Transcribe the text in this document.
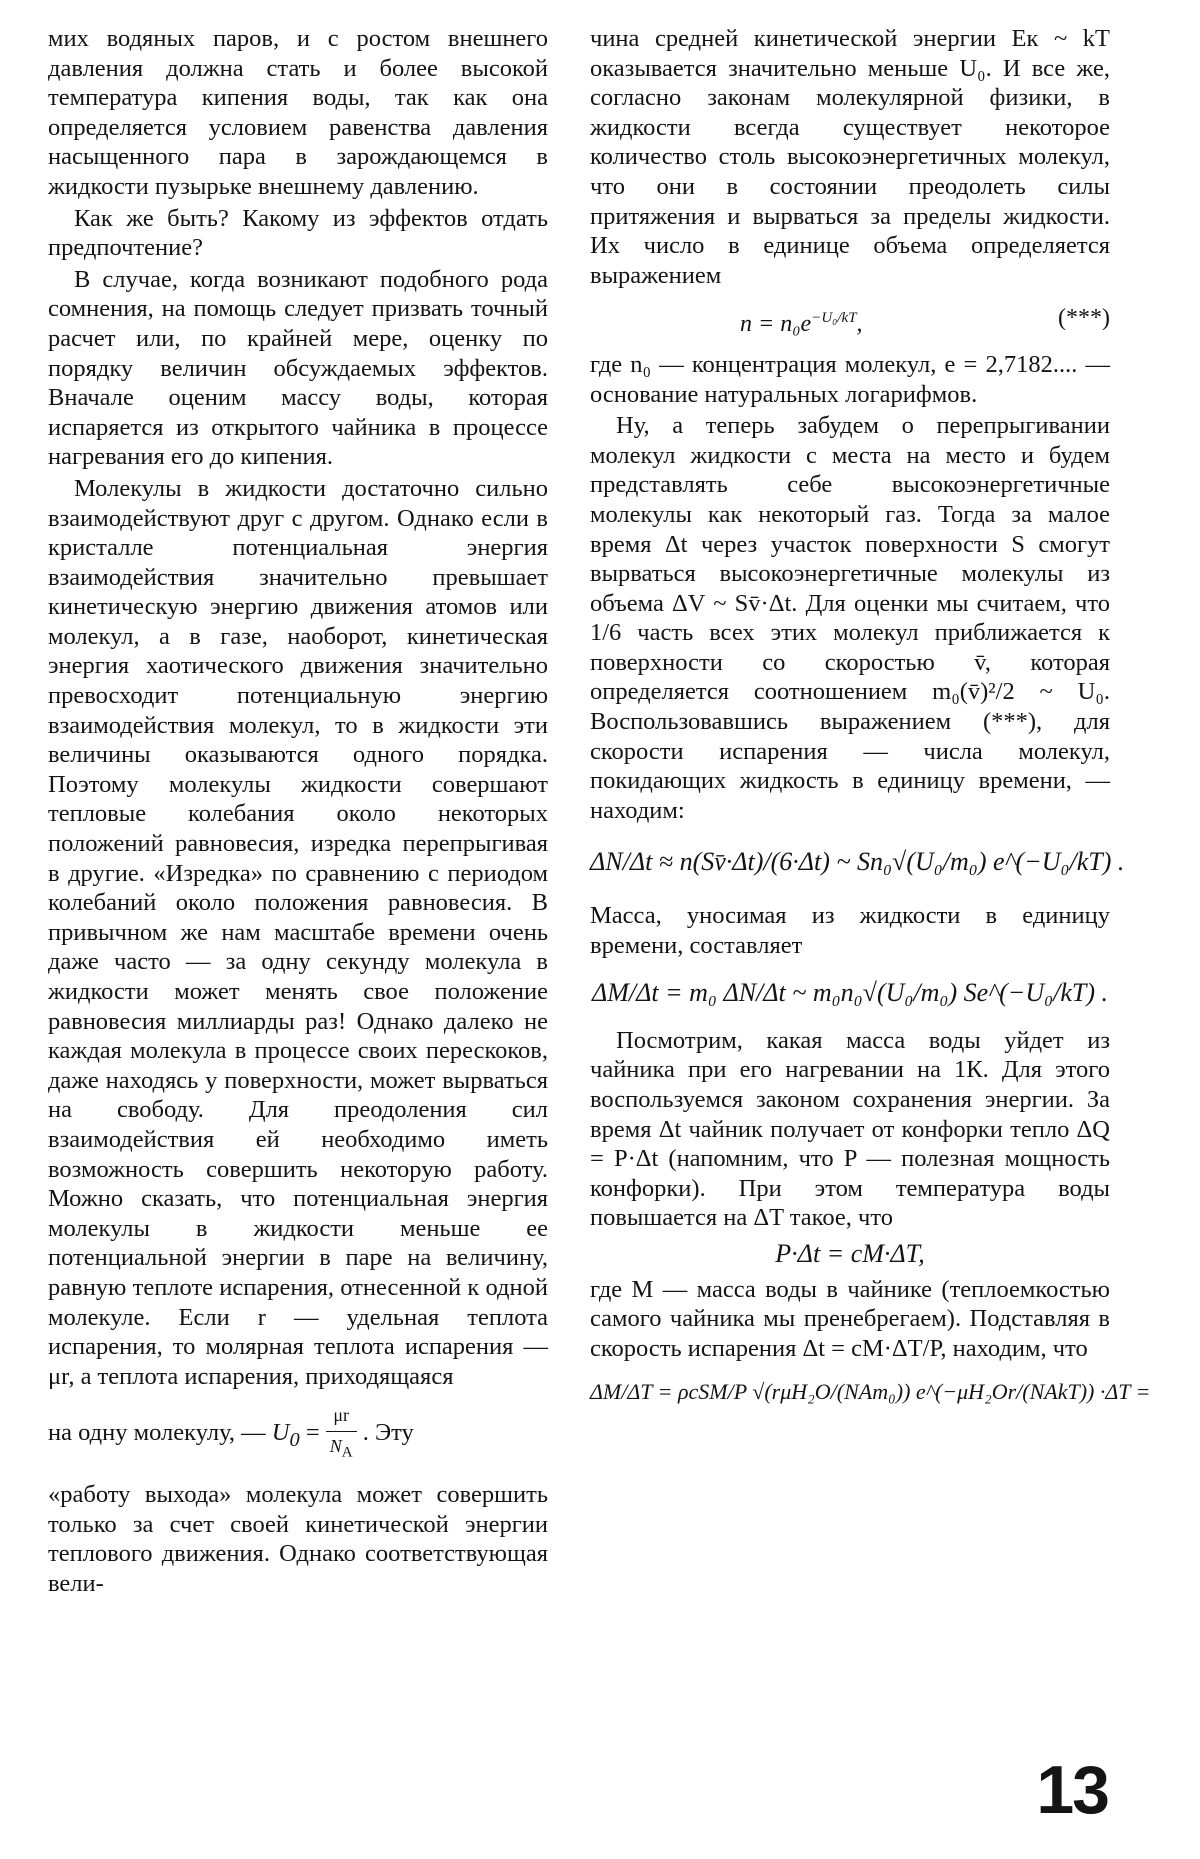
мих водяных паров, и с ростом внешнего давления должна стать и более высокой температура кипения воды, так как она определяется условием равенства давления насыщенного пара в зарождающемся в жидкости пузырьке внешнему давлению.

Как же быть? Какому из эффектов отдать предпочтение?

В случае, когда возникают подобного рода сомнения, на помощь следует призвать точный расчет или, по крайней мере, оценку по порядку величин обсуждаемых эффектов. Вначале оценим массу воды, которая испаряется из открытого чайника в процессе нагревания его до кипения.

Молекулы в жидкости достаточно сильно взаимодействуют друг с другом. Однако если в кристалле потенциальная энергия взаимодействия значительно превышает кинетическую энергию движения атомов или молекул, а в газе, наоборот, кинетическая энергия хаотического движения значительно превосходит потенциальную энергию взаимодействия молекул, то в жидкости эти величины оказываются одного порядка. Поэтому молекулы жидкости совершают тепловые колебания около некоторых положений равновесия, изредка перепрыгивая в другие. «Изредка» по сравнению с периодом колебаний около положения равновесия. В привычном же нам масштабе времени очень даже часто — за одну секунду молекула в жидкости может менять свое положение равновесия миллиарды раз! Однако далеко не каждая молекула в процессе своих перескоков, даже находясь у поверхности, может вырваться на свободу. Для преодоления сил взаимодействия ей необходимо иметь возможность совершить некоторую работу. Можно сказать, что потенциальная энергия молекулы в жидкости меньше ее потенциальной энергии в паре на величину, равную теплоте испарения, отнесенной к одной молекуле. Если r — удельная теплота испарения, то молярная теплота испарения — μr, а теплота испарения, приходящаяся

на одну молекулу, — $U_0 = \frac{\mu r}{N_A}$ . Эту

«работу выхода» молекула может совершить только за счет своей кинетической энергии теплового движения. Однако соответствующая вели-

чина средней кинетической энергии Eк ~ kT оказывается значительно меньше U₀. И все же, согласно законам молекулярной физики, в жидкости всегда существует некоторое количество столь высокоэнергетичных молекул, что они в состоянии преодолеть силы притяжения и вырваться за пределы жидкости. Их число в единице объема определяется выражением

$n = n_0e^{-U_0/kT}$,	(***)

где n₀ — концентрация молекул, e = 2,7182.... — основание натуральных логарифмов.

Ну, а теперь забудем о перепрыгивании молекул жидкости с места на место и будем представлять себе высокоэнергетичные молекулы как некоторый газ. Тогда за малое время Δt через участок поверхности S смогут вырваться высокоэнергетичные молекулы из объема ΔV ~ Sv̄·Δt. Для оценки мы считаем, что 1/6 часть всех этих молекул приближается к поверхности со скоростью v̄, которая определяется соотношением m₀(v̄)²/2 ~ U₀. Воспользовавшись выражением (***), для скорости испарения — числа молекул, покидающих жидкость в единицу времени, — находим:

ΔN/Δt ≈ n(Sv̄·Δt)/(6·Δt) ~ Sn₀√(U₀/m₀) e^(−U₀/kT) .

Масса, уносимая из жидкости в единицу времени, составляет

ΔM/Δt = m₀ ΔN/Δt ~ m₀n₀√(U₀/m₀) Se^(−U₀/kT) .

Посмотрим, какая масса воды уйдет из чайника при его нагревании на 1К. Для этого воспользуемся законом сохранения энергии. За время Δt чайник получает от конфорки тепло ΔQ = P·Δt (напомним, что P — полезная мощность конфорки). При этом температура воды повышается на ΔT такое, что

P·Δt = cM·ΔT,

где M — масса воды в чайнике (теплоемкостью самого чайника мы пренебрегаем). Подставляя в скорость испарения Δt = cM·ΔT/P, находим, что

ΔM/ΔT = ρcSM/P √(rμH₂O/(NAm₀)) e^(−μH₂Or/(NAkT)) ·ΔT =
13
